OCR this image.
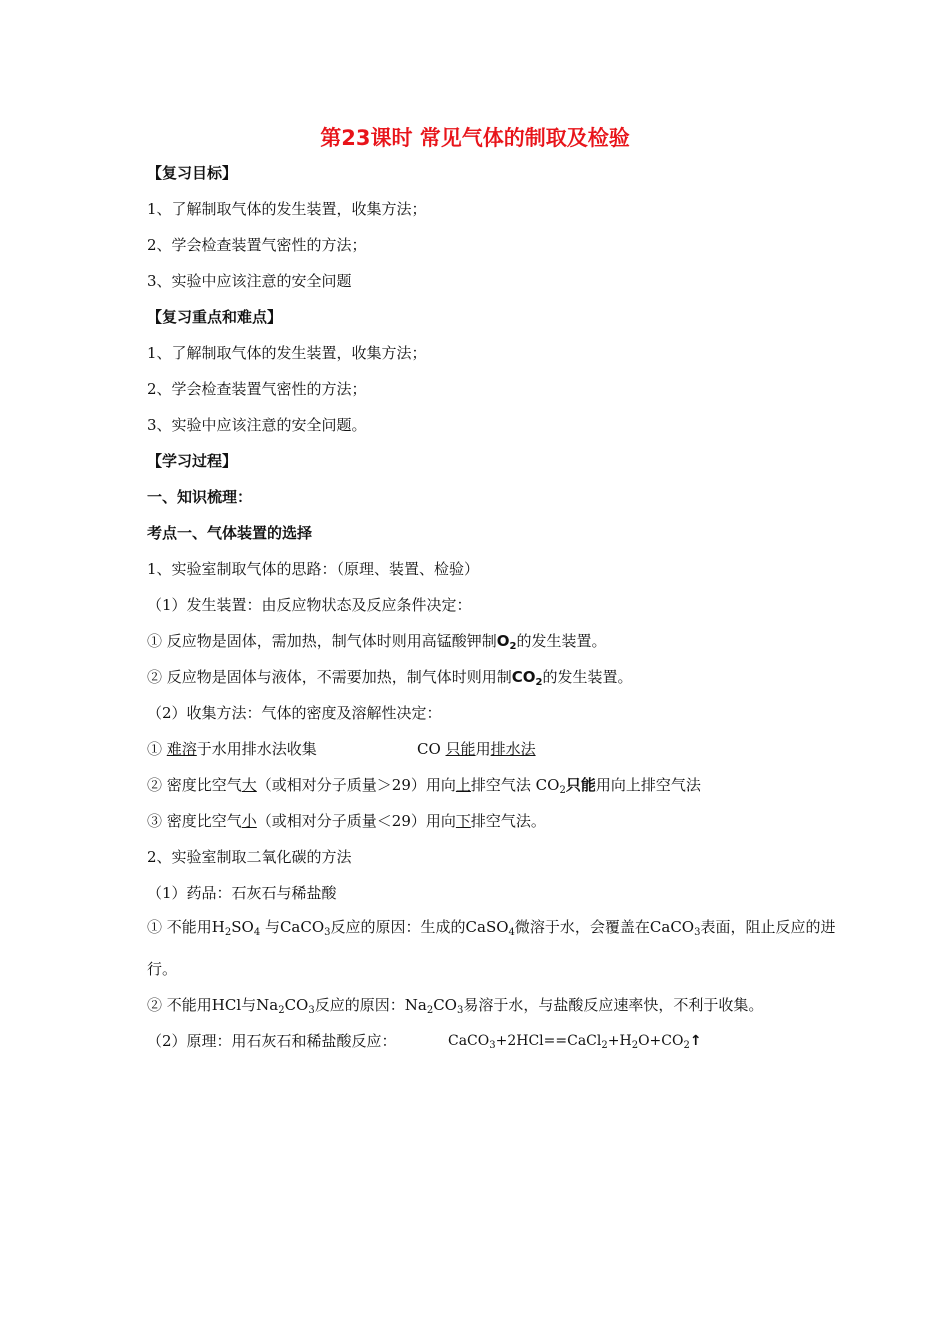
第23课时 常见气体的制取及检验
【复习目标】
1、了解制取气体的发生装置，收集方法；
2、学会检查装置气密性的方法；
3、实验中应该注意的安全问题
【复习重点和难点】
1、了解制取气体的发生装置，收集方法；
2、学会检查装置气密性的方法；
3、实验中应该注意的安全问题。
【学习过程】
一、知识梳理：
考点一、气体装置的选择
1、实验室制取气体的思路：（原理、装置、检验）
（1）发生装置：由反应物状态及反应条件决定：
① 反应物是固体，需加热，制气体时则用高锰酸钾制$O_2$的发生装置。
② 反应物是固体与液体，不需要加热，制气体时则用制$CO_2$的发生装置。
（2）收集方法：气体的密度及溶解性决定：
① 难溶于水用排水法收集	CO 只能用排水法
② 密度比空气大（或相对分子质量＞29）用向上排空气法 $CO_2$只能用向上排空气法
③ 密度比空气小（或相对分子质量＜29）用向下排空气法。
2、实验室制取二氧化碳的方法
（1）药品：石灰石与稀盐酸
① 不能用$H_2SO_4$ 与CaCO$_3$反应的原因：生成的CaSO$_4$微溶于水，会覆盖在CaCO$_3$表面，阻止反应的进行。
② 不能用HCl与$Na_2CO_3$反应的原因：$Na_2CO_3$易溶于水，与盐酸反应速率快，不利于收集。
（2）原理：用石灰石和稀盐酸反应：	$CaCO_3+2HCl==CaCl_2+H_2O+CO_2↑$
